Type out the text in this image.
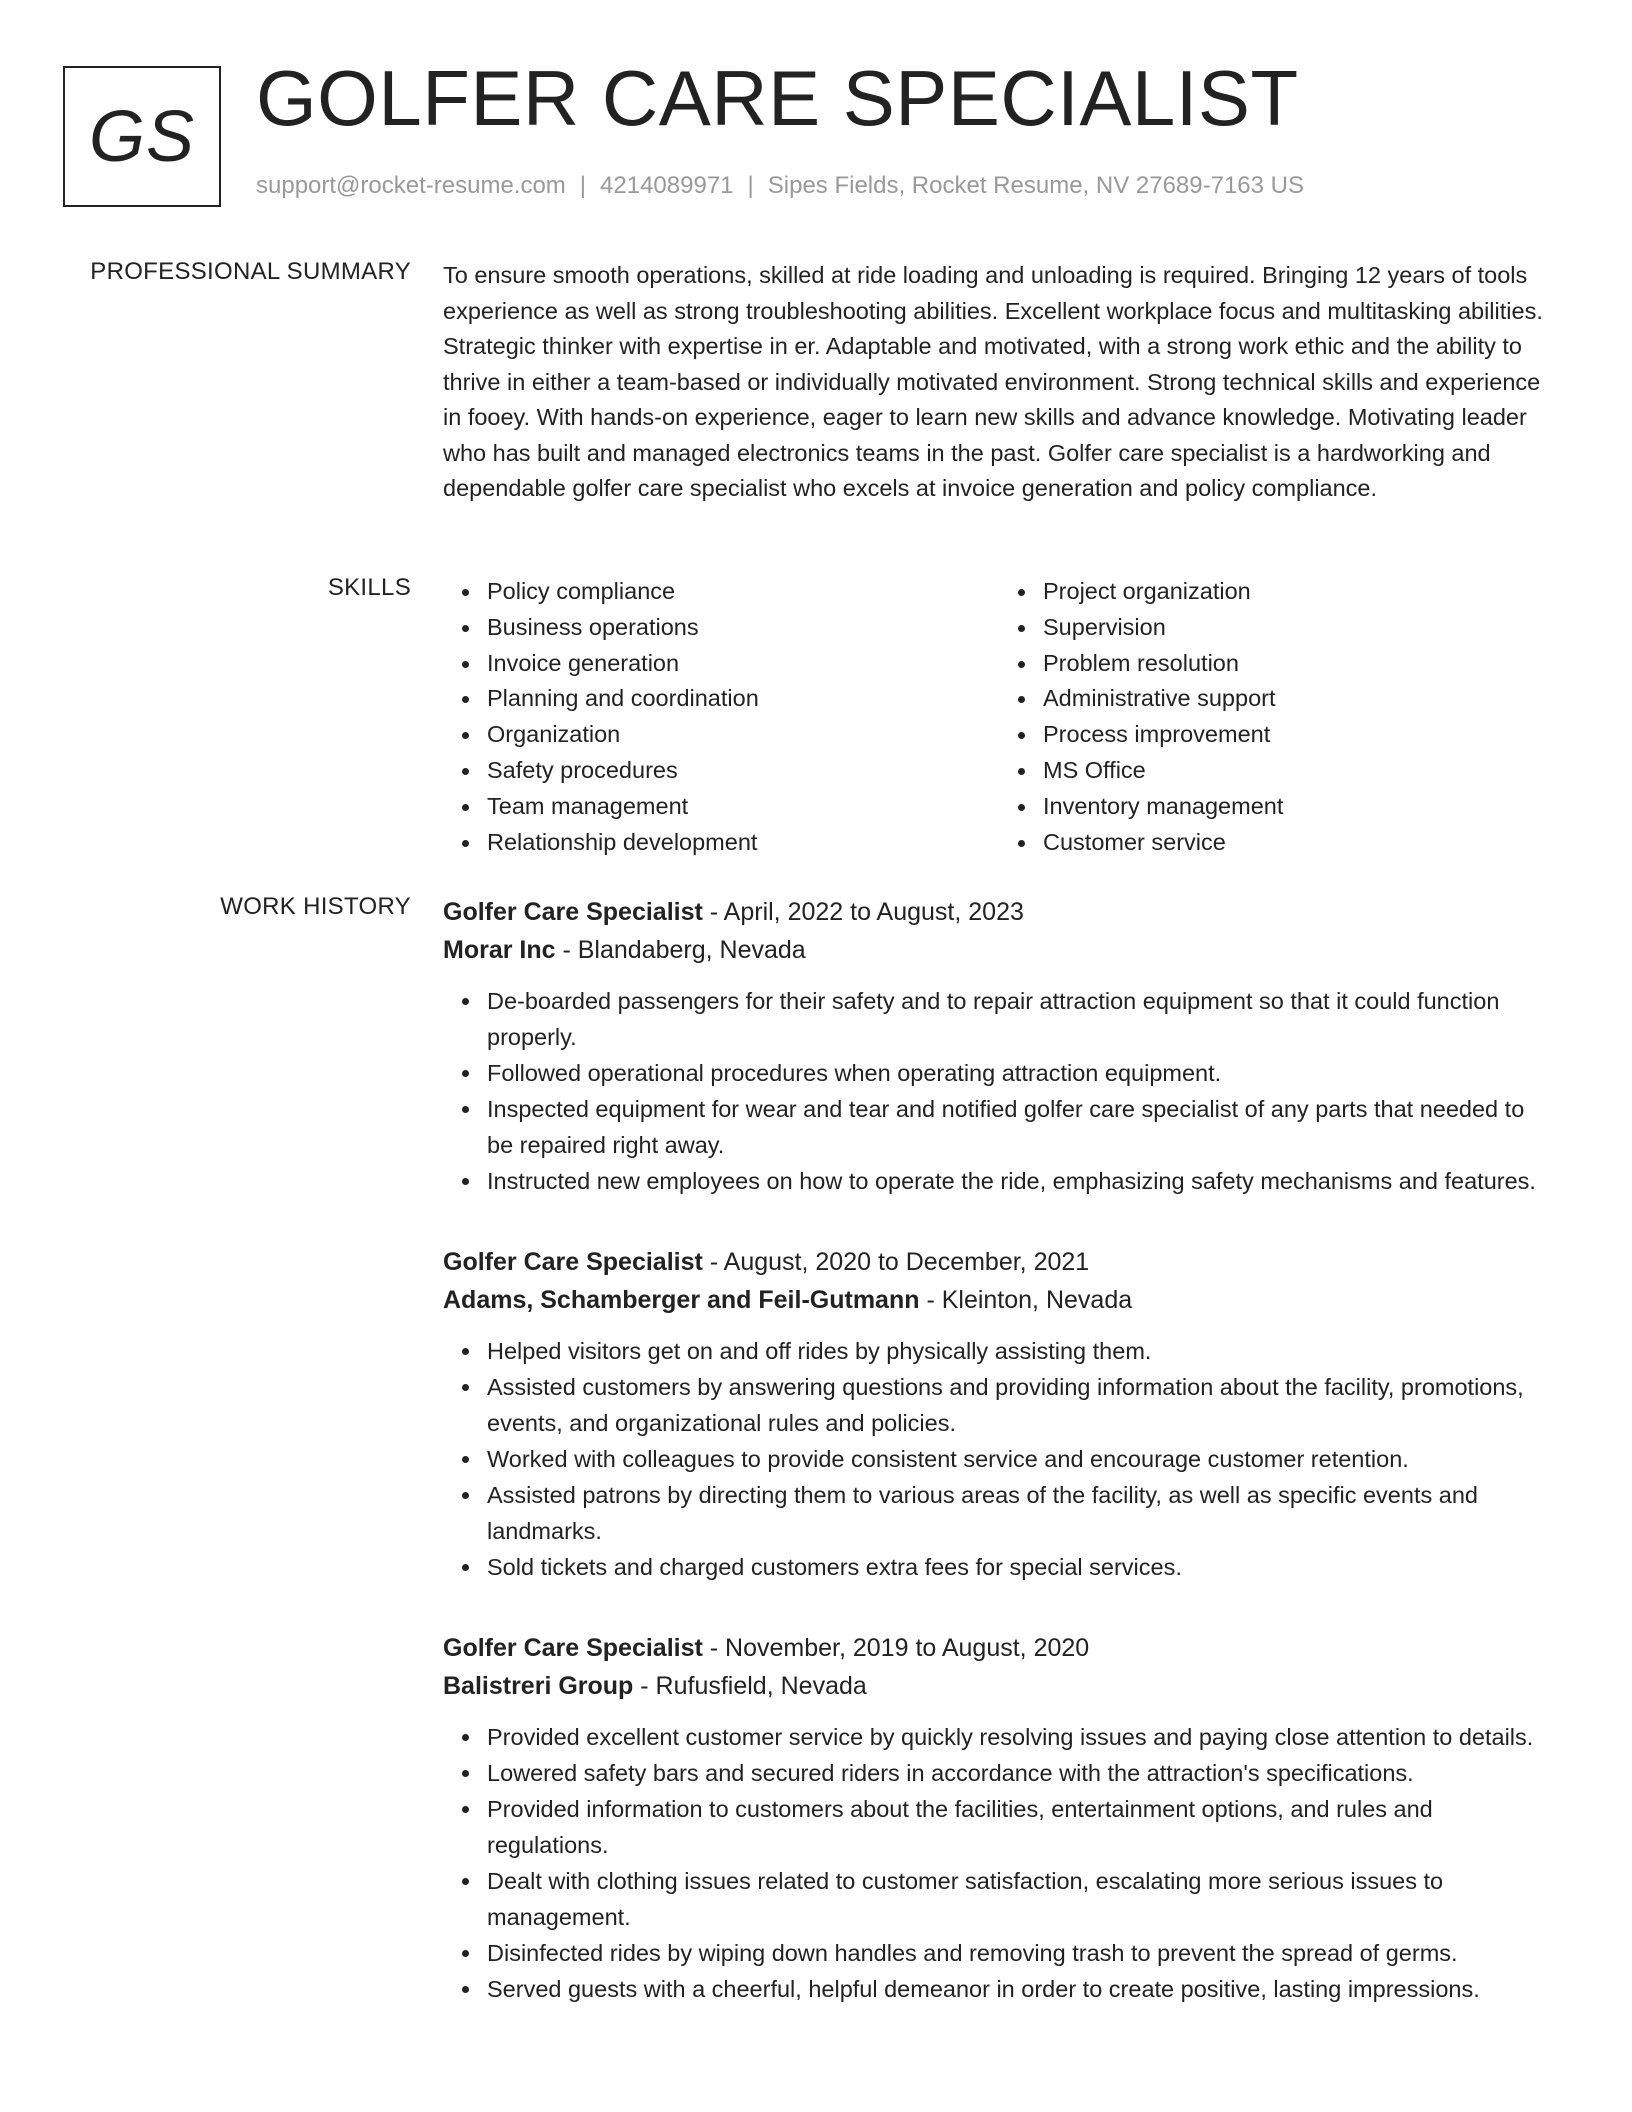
GS GOLFER CARE SPECIALIST
support@rocket-resume.com | 4214089971 | Sipes Fields, Rocket Resume, NV 27689-7163 US
PROFESSIONAL SUMMARY To ensure smooth operations, skilled at ride loading and unloading is required. Bringing 12 years of tools experience as well as strong troubleshooting abilities. Excellent workplace focus and multitasking abilities. Strategic thinker with expertise in er. Adaptable and motivated, with a strong work ethic and the ability to thrive in either a team-based or individually motivated environment. Strong technical skills and experience in fooey. With hands-on experience, eager to learn new skills and advance knowledge. Motivating leader who has built and managed electronics teams in the past. Golfer care specialist is a hardworking and dependable golfer care specialist who excels at invoice generation and policy compliance.

SKILLS	Policy compliance
Business operations
Invoice generation
Planning and coordination
Organization
Safety procedures
Team management
Relationship development
Project organization
Supervision
Problem resolution
Administrative support
Process improvement
MS Office
Inventory management
Customer service
WORK HISTORY Golfer Care Specialist - April, 2022 to August, 2023
Morar Inc - Blandaberg, Nevada
De-boarded passengers for their safety and to repair attraction equipment so that it could function properly.
Followed operational procedures when operating attraction equipment.
Inspected equipment for wear and tear and notified golfer care specialist of any parts that needed to be repaired right away.
Instructed new employees on how to operate the ride, emphasizing safety mechanisms and features.
Golfer Care Specialist - August, 2020 to December, 2021
Adams, Schamberger and Feil-Gutmann - Kleinton, Nevada
Helped visitors get on and off rides by physically assisting them.
Assisted customers by answering questions and providing information about the facility, promotions, events, and organizational rules and policies.
Worked with colleagues to provide consistent service and encourage customer retention.
Assisted patrons by directing them to various areas of the facility, as well as specific events and landmarks.
Sold tickets and charged customers extra fees for special services.
Golfer Care Specialist - November, 2019 to August, 2020
Balistreri Group - Rufusfield, Nevada
Provided excellent customer service by quickly resolving issues and paying close attention to details.
Lowered safety bars and secured riders in accordance with the attraction's specifications.
Provided information to customers about the facilities, entertainment options, and rules and regulations.
Dealt with clothing issues related to customer satisfaction, escalating more serious issues to management.
Disinfected rides by wiping down handles and removing trash to prevent the spread of germs.
Served guests with a cheerful, helpful demeanor in order to create positive, lasting impressions.
